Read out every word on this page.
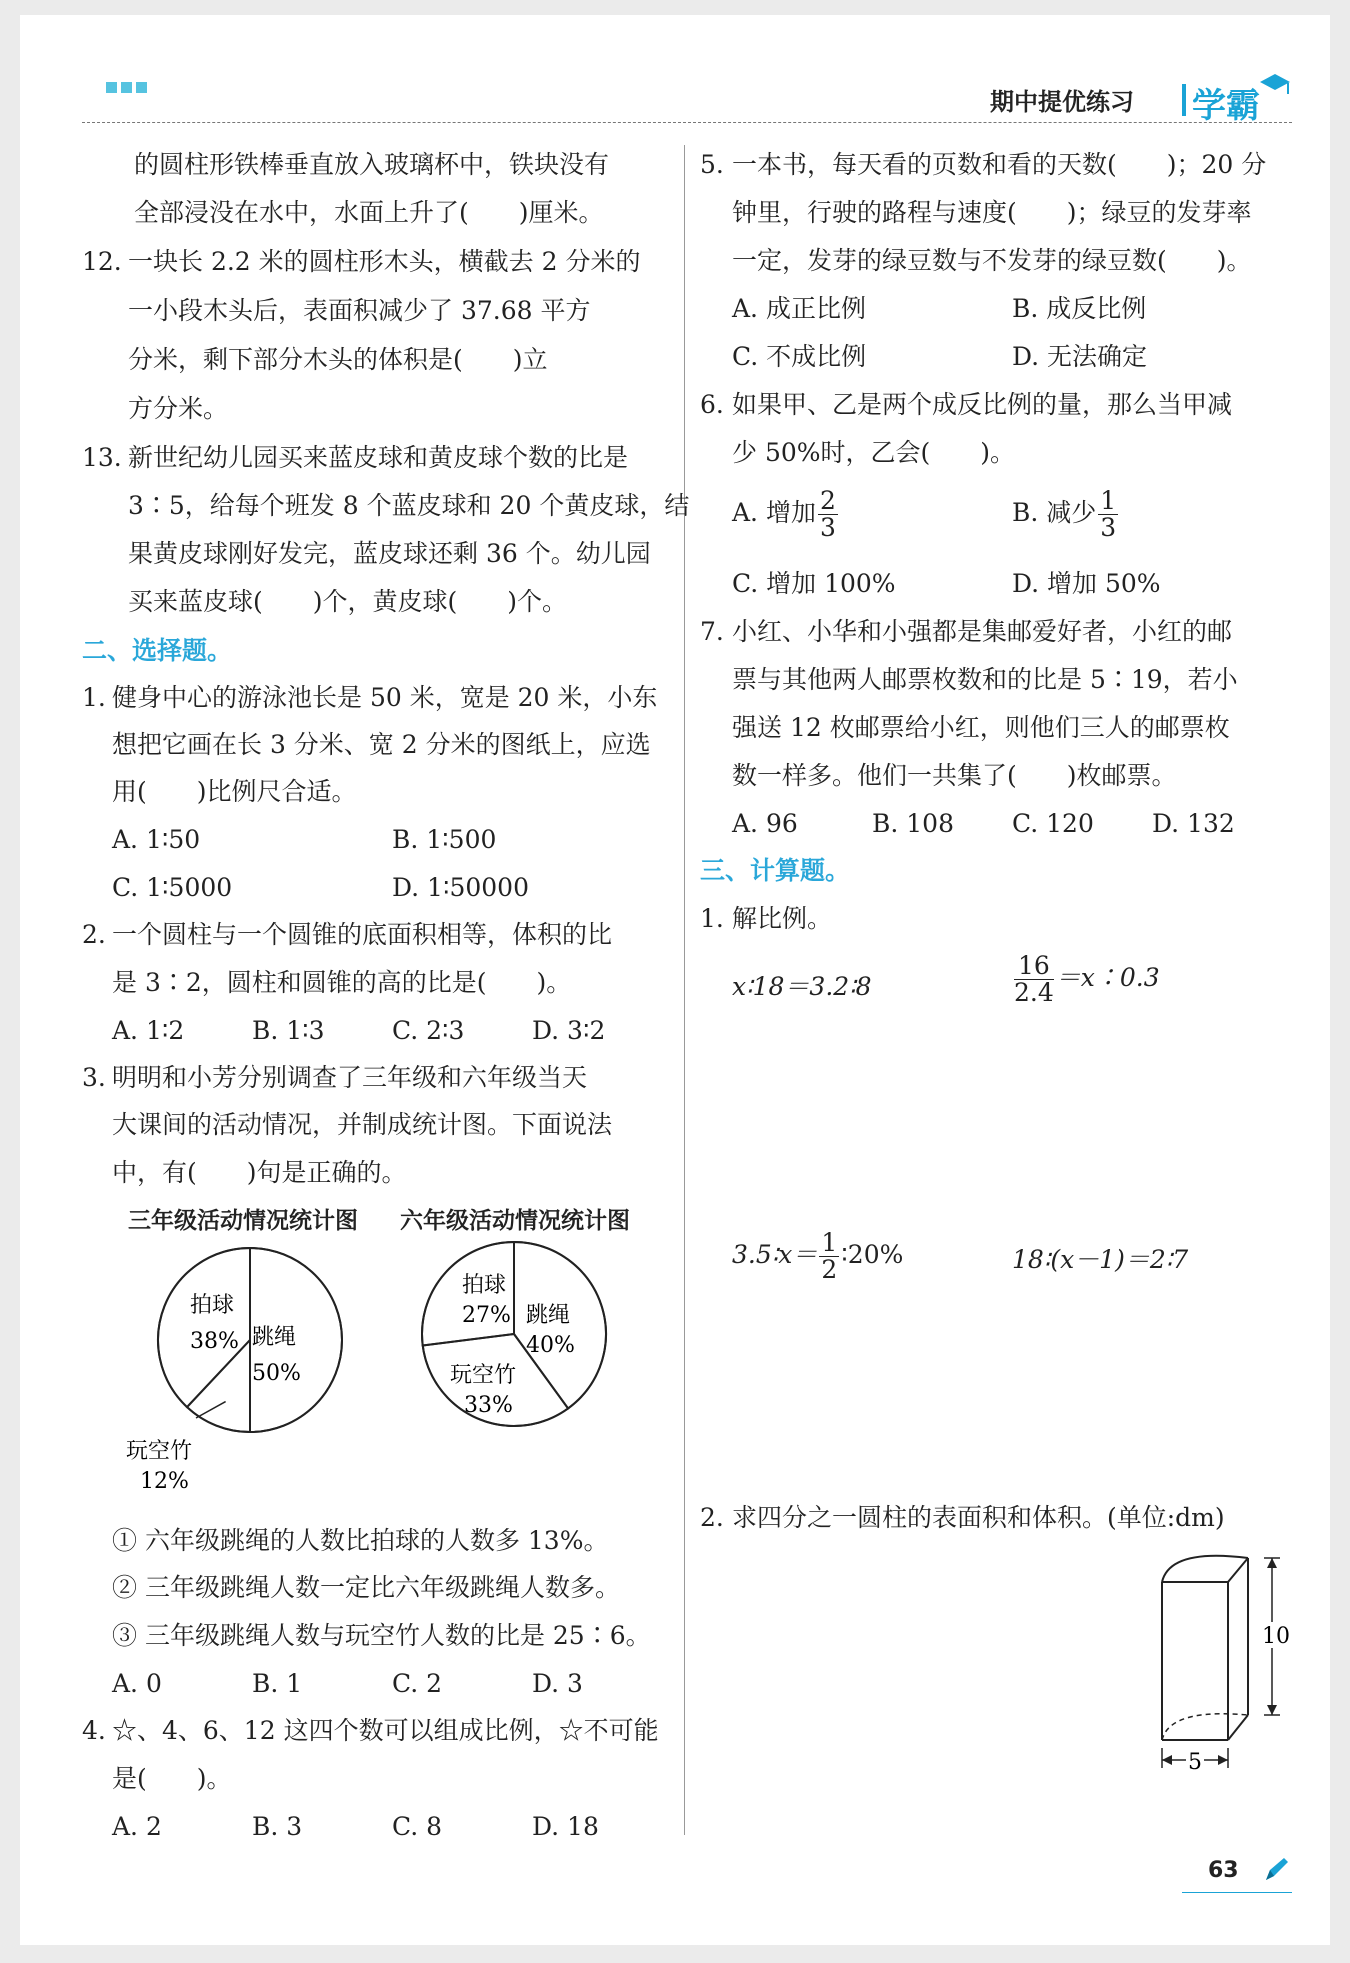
期中提优练习 学霸
的圆柱形铁棒垂直放入玻璃杯中，铁块没有
全部浸没在水中，水面上升了(　　)厘米。
12. 一块长 2.2 米的圆柱形木头，横截去 2 分米的
一小段木头后，表面积减少了 37.68 平方
分米，剩下部分木头的体积是(　　)立
方分米。
13. 新世纪幼儿园买来蓝皮球和黄皮球个数的比是
3∶5，给每个班发 8 个蓝皮球和 20 个黄皮球，结
果黄皮球刚好发完，蓝皮球还剩 36 个。幼儿园
买来蓝皮球(　　)个，黄皮球(　　)个。
二、选择题。
1. 健身中心的游泳池长是 50 米，宽是 20 米，小东
想把它画在长 3 分米、宽 2 分米的图纸上，应选
用(　　)比例尺合适。
A. 1∶50	B. 1∶500
C. 1∶5000	D. 1∶50000
2. 一个圆柱与一个圆锥的底面积相等，体积的比
是 3∶2，圆柱和圆锥的高的比是(　　)。
A. 1∶2	B. 1∶3	C. 2∶3	D. 3∶2
3. 明明和小芳分别调查了三年级和六年级当天
大课间的活动情况，并制成统计图。下面说法
中，有(　　)句是正确的。
三年级活动情况统计图 六年级活动情况统计图
拍球
38% 跳绳
50%
玩空竹
12%
拍球
27% 跳绳
40%
玩空竹
33%
① 六年级跳绳的人数比拍球的人数多 13%。
② 三年级跳绳人数一定比六年级跳绳人数多。
③ 三年级跳绳人数与玩空竹人数的比是 25∶6。
A. 0	B. 1	C. 2	D. 3
4. ☆、4、6、12 这四个数可以组成比例，☆不可能
是(　　)。
A. 2	B. 3	C. 8	D. 18
5. 一本书，每天看的页数和看的天数(　　)；20 分
钟里，行驶的路程与速度(　　)；绿豆的发芽率
一定，发芽的绿豆数与不发芽的绿豆数(　　)。
A. 成正比例	B. 成反比例
C. 不成比例	D. 无法确定
6. 如果甲、乙是两个成反比例的量，那么当甲减
少 50%时，乙会(　　)。
A. 增加 $\frac{2}{3}$	B. 减少 $\frac{1}{3}$
C. 增加 100%	D. 增加 50%
7. 小红、小华和小强都是集邮爱好者，小红的邮
票与其他两人邮票枚数和的比是 5∶19，若小
强送 12 枚邮票给小红，则他们三人的邮票枚
数一样多。他们一共集了(　　)枚邮票。
A. 96	B. 108 C. 120 D. 132
三、计算题。
1. 解比例。
x∶18＝3.2∶8	$\frac{16}{2.4}$ ＝x∶0.3
3.5∶x＝ $\frac{1}{2}$ ∶20%	18∶(x－1)＝2∶7
2. 求四分之一圆柱的表面积和体积。(单位:dm)
10
5
63
